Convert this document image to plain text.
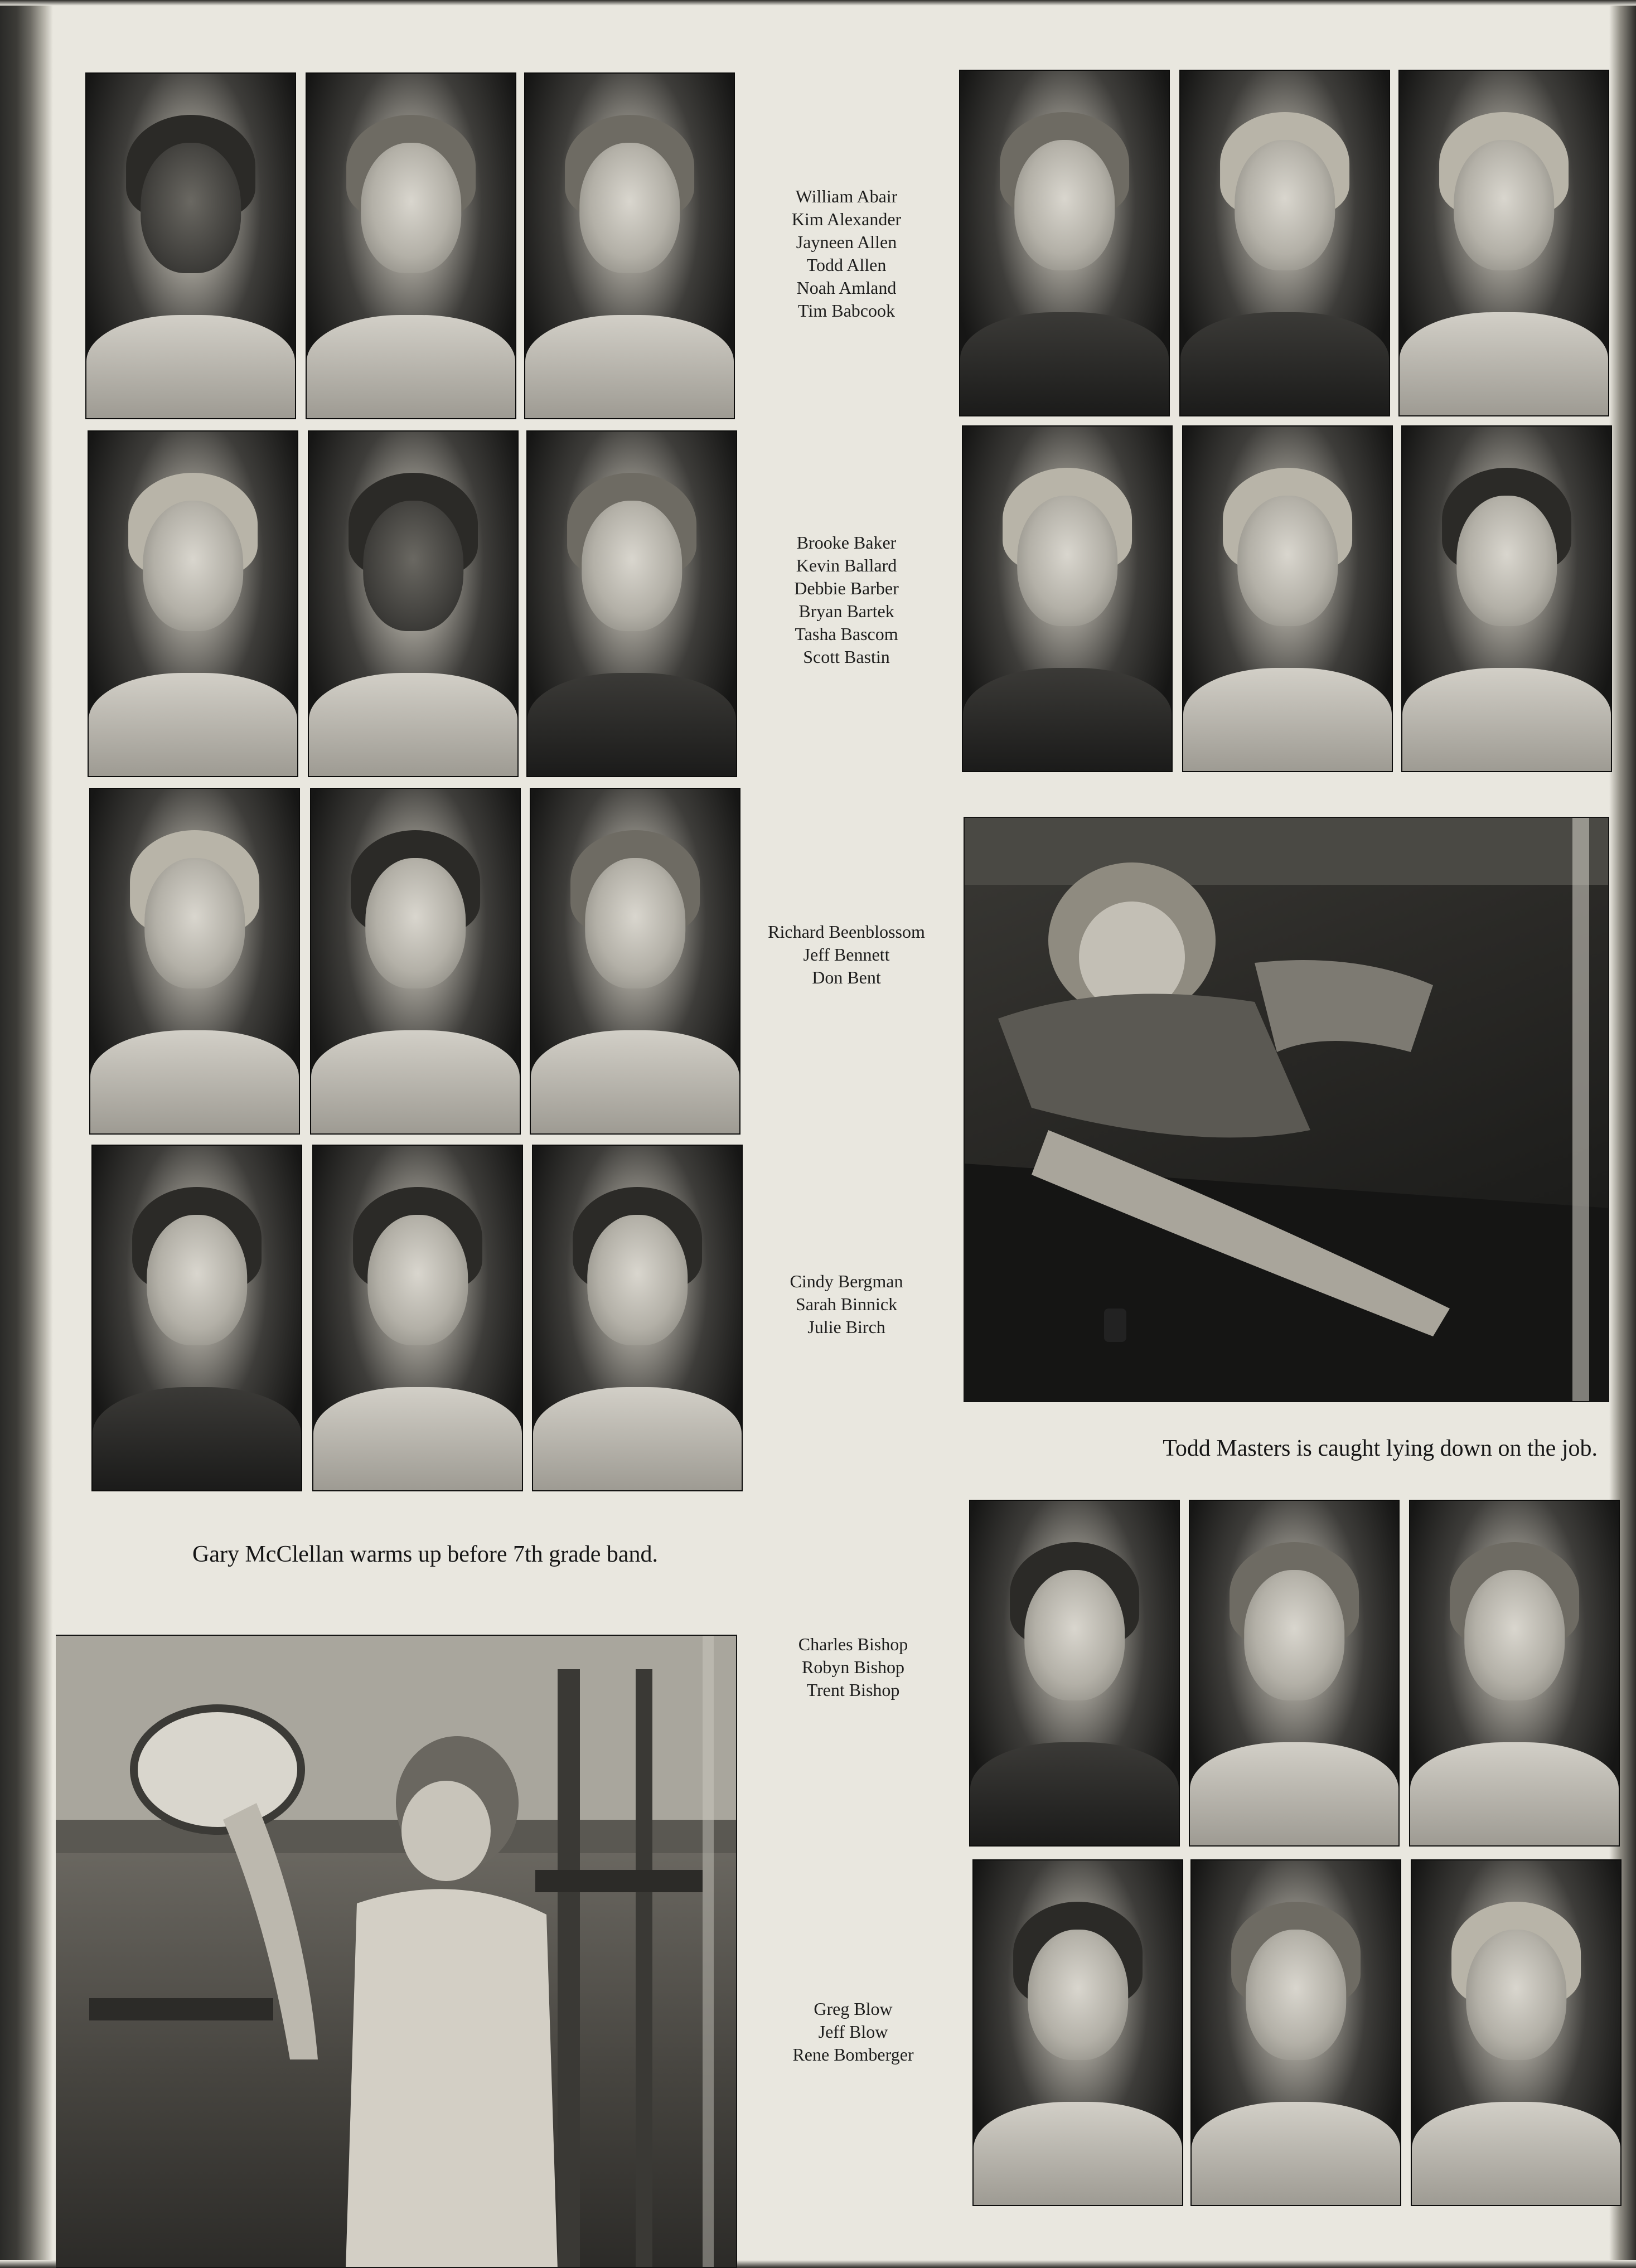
William Abair
Kim Alexander
Jayneen Allen
Todd Allen
Noah Amland
Tim Babcook
Brooke Baker
Kevin Ballard
Debbie Barber
Bryan Bartek
Tasha Bascom
Scott Bastin
Richard Beenblossom
Jeff Bennett
Don Bent
Cindy Bergman
Sarah Binnick
Julie Birch
Charles Bishop
Robyn Bishop
Trent Bishop
Greg Blow
Jeff Blow
Rene Bomberger
Todd Masters is caught lying down on the job.
Gary McClellan warms up before 7th grade band.
